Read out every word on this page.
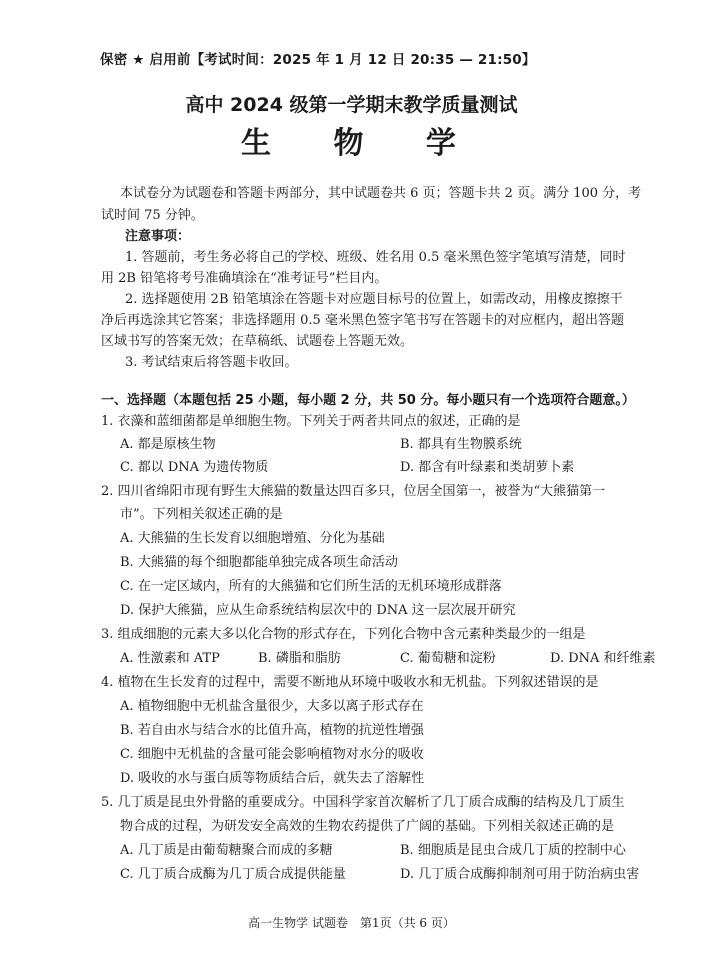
保密 ★ 启用前【考试时间：2025 年 1 月 12 日 20:35 — 21:50】
高中 2024 级第一学期末教学质量测试
生 物 学
本试卷分为试题卷和答题卡两部分，其中试题卷共 6 页；答题卡共 2 页。满分 100 分，考
试时间 75 分钟。
注意事项：
1. 答题前，考生务必将自己的学校、班级、姓名用 0.5 毫米黑色签字笔填写清楚，同时
用 2B 铅笔将考号准确填涂在“准考证号”栏目内。
2. 选择题使用 2B 铅笔填涂在答题卡对应题目标号的位置上，如需改动，用橡皮擦擦干
净后再选涂其它答案；非选择题用 0.5 毫米黑色签字笔书写在答题卡的对应框内，超出答题
区域书写的答案无效；在草稿纸、试题卷上答题无效。
3. 考试结束后将答题卡收回。
一、选择题（本题包括 25 小题，每小题 2 分，共 50 分。每小题只有一个选项符合题意。）
1. 衣藻和蓝细菌都是单细胞生物。下列关于两者共同点的叙述，正确的是
A. 都是原核生物	B. 都具有生物膜系统
C. 都以 DNA 为遗传物质	D. 都含有叶绿素和类胡萝卜素
2. 四川省绵阳市现有野生大熊猫的数量达四百多只，位居全国第一，被誉为“大熊猫第一
市”。下列相关叙述正确的是
A. 大熊猫的生长发育以细胞增殖、分化为基础
B. 大熊猫的每个细胞都能单独完成各项生命活动
C. 在一定区域内，所有的大熊猫和它们所生活的无机环境形成群落
D. 保护大熊猫，应从生命系统结构层次中的 DNA 这一层次展开研究
3. 组成细胞的元素大多以化合物的形式存在，下列化合物中含元素种类最少的一组是
A. 性激素和 ATP	B. 磷脂和脂肪	C. 葡萄糖和淀粉	D. DNA 和纤维素
4. 植物在生长发育的过程中，需要不断地从环境中吸收水和无机盐。下列叙述错误的是
A. 植物细胞中无机盐含量很少，大多以离子形式存在
B. 若自由水与结合水的比值升高，植物的抗逆性增强
C. 细胞中无机盐的含量可能会影响植物对水分的吸收
D. 吸收的水与蛋白质等物质结合后，就失去了溶解性
5. 几丁质是昆虫外骨骼的重要成分。中国科学家首次解析了几丁质合成酶的结构及几丁质生
物合成的过程，为研发安全高效的生物农药提供了广阔的基础。下列相关叙述正确的是
A. 几丁质是由葡萄糖聚合而成的多糖	B. 细胞质是昆虫合成几丁质的控制中心
C. 几丁质合成酶为几丁质合成提供能量	D. 几丁质合成酶抑制剂可用于防治病虫害
高一生物学 试题卷　第1页（共 6 页）
